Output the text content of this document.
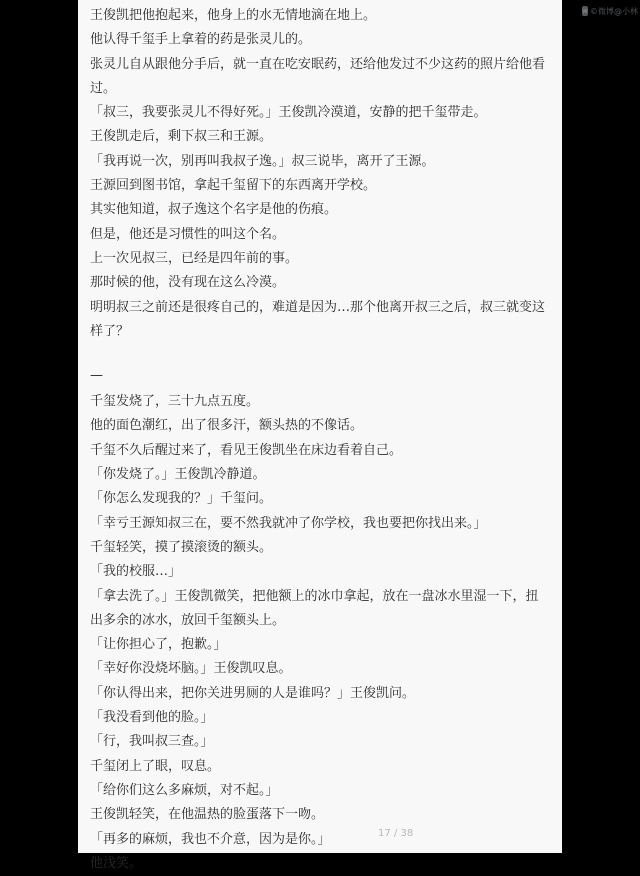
w ©微博@小林
王俊凯把他抱起来，他身上的水无情地滴在地上。
他认得千玺手上拿着的药是张灵儿的。
张灵儿自从跟他分手后，就一直在吃安眠药，还给他发过不少这药的照片给他看
过。
「叔三，我要张灵儿不得好死。」王俊凯冷漠道，安静的把千玺带走。
王俊凯走后，剩下叔三和王源。
「我再说一次，别再叫我叔子逸。」叔三说毕，离开了王源。
王源回到图书馆，拿起千玺留下的东西离开学校。
其实他知道，叔子逸这个名字是他的伤痕。
但是，他还是习惯性的叫这个名。
上一次见叔三，已经是四年前的事。
那时候的他，没有现在这么冷漠。
明明叔三之前还是很疼自己的，难道是因为…那个他离开叔三之后，叔三就变这
样了？
—
千玺发烧了，三十九点五度。
他的面色潮红，出了很多汗，额头热的不像话。
千玺不久后醒过来了，看见王俊凯坐在床边看着自己。
「你发烧了。」王俊凯冷静道。
「你怎么发现我的？」千玺问。
「幸亏王源知叔三在，要不然我就冲了你学校，我也要把你找出来。」
千玺轻笑，摸了摸滚烫的额头。
「我的校服…」
「拿去洗了。」王俊凯微笑，把他额上的冰巾拿起，放在一盘冰水里湿一下，扭
出多余的冰水，放回千玺额头上。
「让你担心了，抱歉。」
「幸好你没烧坏脑。」王俊凯叹息。
「你认得出来，把你关进男厕的人是谁吗？」王俊凯问。
「我没看到他的脸。」
「行，我叫叔三查。」
千玺闭上了眼，叹息。
「给你们这么多麻烦，对不起。」
王俊凯轻笑，在他温热的脸蛋落下一吻。
「再多的麻烦，我也不介意，因为是你。」
他浅笑。
17 / 38
